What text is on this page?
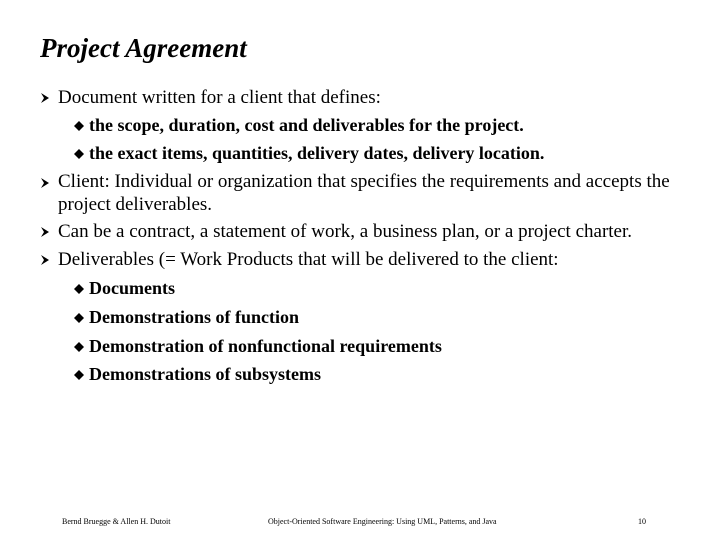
Project Agreement
Document written for a client that defines:
the scope, duration, cost and deliverables for the project.
the exact items, quantities, delivery dates, delivery location.
Client: Individual or organization that specifies the requirements and accepts the project deliverables.
Can be a contract, a statement of work, a business plan, or a project charter.
Deliverables (= Work Products that will be delivered to the client:
Documents
Demonstrations of function
Demonstration of nonfunctional requirements
Demonstrations of subsystems
Bernd Bruegge & Allen H. Dutoit	Object-Oriented Software Engineering: Using UML, Patterns, and Java	10
